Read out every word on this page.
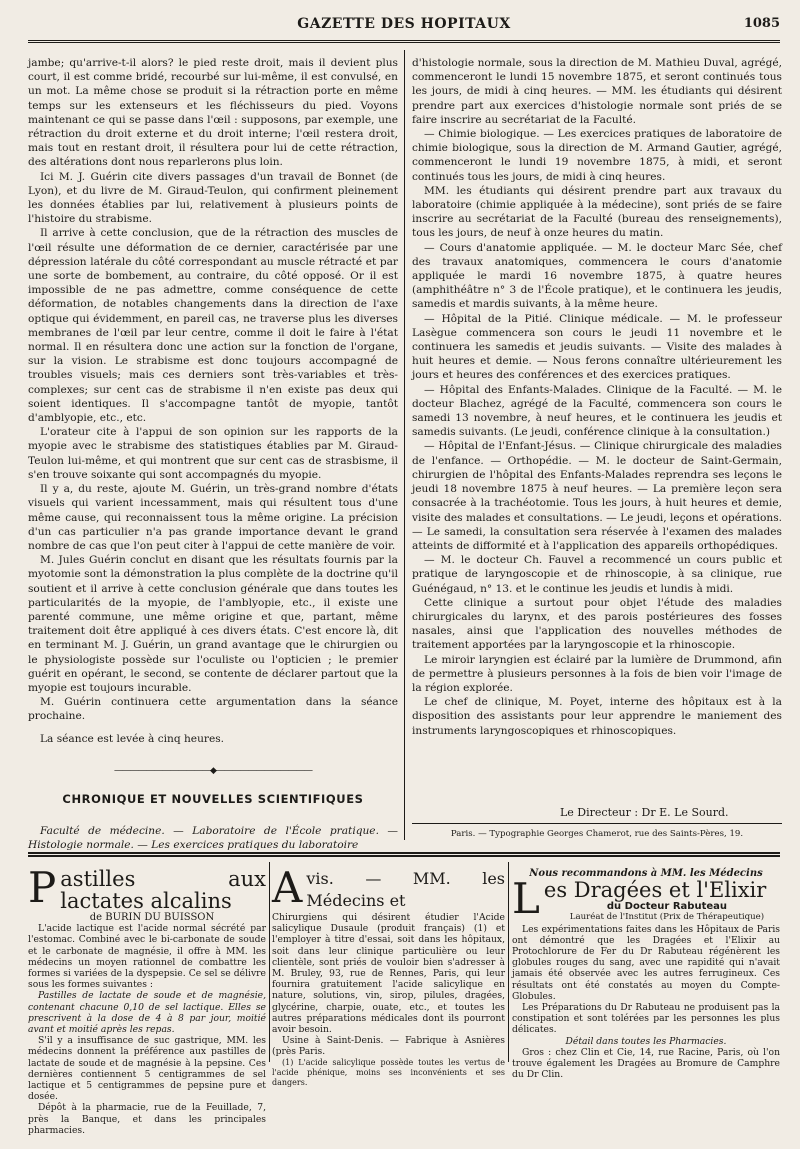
GAZETTE DES HOPITAUX	1085

jambe; qu'arrive-t-il alors? le pied reste droit, mais il devient plus court, il est comme bridé, recourbé sur lui-même, il est convulsé, en un mot. La même chose se produit si la rétraction porte en même temps sur les extenseurs et les fléchisseurs du pied. Voyons maintenant ce qui se passe dans l'œil : supposons, par exemple, une rétraction du droit externe et du droit interne; l'œil restera droit, mais tout en restant droit, il résultera pour lui de cette rétraction, des altérations dont nous reparlerons plus loin.

Ici M. J. Guérin cite divers passages d'un travail de Bonnet (de Lyon), et du livre de M. Giraud-Teulon, qui confirment pleinement les données établies par lui, relativement à plusieurs points de l'histoire du strabisme.

Il arrive à cette conclusion, que de la rétraction des muscles de l'œil résulte une déformation de ce dernier, caractérisée par une dépression latérale du côté correspondant au muscle rétracté et par une sorte de bombement, au contraire, du côté opposé. Or il est impossible de ne pas admettre, comme conséquence de cette déformation, de notables changements dans la direction de l'axe optique qui évidemment, en pareil cas, ne traverse plus les diverses membranes de l'œil par leur centre, comme il doit le faire à l'état normal. Il en résultera donc une action sur la fonction de l'organe, sur la vision. Le strabisme est donc toujours accompagné de troubles visuels; mais ces derniers sont très-variables et très-complexes; sur cent cas de strabisme il n'en existe pas deux qui soient identiques. Il s'accompagne tantôt de myopie, tantôt d'amblyopie, etc., etc.

L'orateur cite à l'appui de son opinion sur les rapports de la myopie avec le strabisme des statistiques établies par M. Giraud-Teulon lui-même, et qui montrent que sur cent cas de strasbisme, il s'en trouve soixante qui sont accompagnés du myopie.

Il y a, du reste, ajoute M. Guérin, un très-grand nombre d'états visuels qui varient incessamment, mais qui résultent tous d'une même cause, qui reconnaissent tous la même origine. La précision d'un cas particulier n'a pas grande importance devant le grand nombre de cas que l'on peut citer à l'appui de cette manière de voir.

M. Jules Guérin conclut en disant que les résultats fournis par la myotomie sont la démonstration la plus complète de la doctrine qu'il soutient et il arrive à cette conclusion générale que dans toutes les particularités de la myopie, de l'amblyopie, etc., il existe une parenté commune, une même origine et que, partant, même traitement doit être appliqué à ces divers états. C'est encore là, dit en terminant M. J. Guérin, un grand avantage que le chirurgien ou le physiologiste possède sur l'oculiste ou l'opticien ; le premier guérit en opérant, le second, se contente de déclarer partout que la myopie est toujours incurable.

M. Guérin continuera cette argumentation dans la séance prochaine.

La séance est levée à cinq heures.

————————————◆————————————
CHRONIQUE ET NOUVELLES SCIENTIFIQUES

Faculté de médecine. — Laboratoire de l'École pratique. — Histologie normale. — Les exercices pratiques du laboratoire

d'histologie normale, sous la direction de M. Mathieu Duval, agrégé, commenceront le lundi 15 novembre 1875, et seront continués tous les jours, de midi à cinq heures. — MM. les étudiants qui désirent prendre part aux exercices d'histologie normale sont priés de se faire inscrire au secrétariat de la Faculté.

— Chimie biologique. — Les exercices pratiques de laboratoire de chimie biologique, sous la direction de M. Armand Gautier, agrégé, commenceront le lundi 19 novembre 1875, à midi, et seront continués tous les jours, de midi à cinq heures.

MM. les étudiants qui désirent prendre part aux travaux du laboratoire (chimie appliquée à la médecine), sont priés de se faire inscrire au secrétariat de la Faculté (bureau des renseignements), tous les jours, de neuf à onze heures du matin.

— Cours d'anatomie appliquée. — M. le docteur Marc Sée, chef des travaux anatomiques, commencera le cours d'anatomie appliquée le mardi 16 novembre 1875, à quatre heures (amphithéâtre n° 3 de l'École pratique), et le continuera les jeudis, samedis et mardis suivants, à la même heure.

— Hôpital de la Pitié. Clinique médicale. — M. le professeur Lasègue commencera son cours le jeudi 11 novembre et le continuera les samedis et jeudis suivants. — Visite des malades à huit heures et demie. — Nous ferons connaître ultérieurement les jours et heures des conférences et des exercices pratiques.

— Hôpital des Enfants-Malades. Clinique de la Faculté. — M. le docteur Blachez, agrégé de la Faculté, commencera son cours le samedi 13 novembre, à neuf heures, et le continuera les jeudis et samedis suivants. (Le jeudi, conférence clinique à la consultation.)

— Hôpital de l'Enfant-Jésus. — Clinique chirurgicale des maladies de l'enfance. — Orthopédie. — M. le docteur de Saint-Germain, chirurgien de l'hôpital des Enfants-Malades reprendra ses leçons le jeudi 18 novembre 1875 à neuf heures. — La première leçon sera consacrée à la trachéotomie. Tous les jours, à huit heures et demie, visite des malades et consultations. — Le jeudi, leçons et opérations. — Le samedi, la consultation sera réservée à l'examen des malades atteints de difformité et à l'application des appareils orthopédiques.

— M. le docteur Ch. Fauvel a recommencé un cours public et pratique de laryngoscopie et de rhinoscopie, à sa clinique, rue Guénégaud, n° 13. et le continue les jeudis et lundis à midi.

Cette clinique a surtout pour objet l'étude des maladies chirurgicales du larynx, et des parois postérieures des fosses nasales, ainsi que l'application des nouvelles méthodes de traitement apportées par la laryngoscopie et la rhinoscopie.

Le miroir laryngien est éclairé par la lumière de Drummond, afin de permettre à plusieurs personnes à la fois de bien voir l'image de la région explorée.

Le chef de clinique, M. Poyet, interne des hôpitaux est à la disposition des assistants pour leur apprendre le maniement des instruments laryngoscopiques et rhinoscopiques.

Le Directeur : Dr E. Le Sourd.
Paris. — Typographie Georges Chamerot, rue des Saints-Pères, 19.
P astilles aux lactates alcalins

de BURIN DU BUISSON

L'acide lactique est l'acide normal sécrété par l'estomac. Combiné avec le bi-carbonate de soude et le carbonate de magnésie, il offre à MM. les médecins un moyen rationnel de combattre les formes si variées de la dyspepsie. Ce sel se délivre sous les formes suivantes :

Pastilles de lactate de soude et de magnésie, contenant chacune 0,10 de sel lactique. Elles se prescrivent à la dose de 4 à 8 par jour, moitié avant et moitié après les repas.

S'il y a insuffisance de suc gastrique, MM. les médecins donnent la préférence aux pastilles de lactate de soude et de magnésie à la pepsine. Ces dernières contiennent 5 centigrammes de sel lactique et 5 centigrammes de pepsine pure et dosée.

Dépôt à la pharmacie, rue de la Feuillade, 7, près la Banque, et dans les principales pharmacies.

A vis. — MM. les Médecins et

Chirurgiens qui désirent étudier l'Acide salicylique Dusaule (produit français) (1) et l'employer à titre d'essai, soit dans les hôpitaux, soit dans leur clinique particulière ou leur clientèle, sont priés de vouloir bien s'adresser à M. Bruley, 93, rue de Rennes, Paris, qui leur fournira gratuitement l'acide salicylique en nature, solutions, vin, sirop, pilules, dragées, glycérine, charpie, ouate, etc., et toutes les autres préparations médicales dont ils pourront avoir besoin.

Usine à Saint-Denis. — Fabrique à Asnières (près Paris.

(1) L'acide salicylique possède toutes les vertus de l'acide phénique, moins ses inconvénients et ses dangers.

Nous recommandons à MM. les Médecins

L es Dragées et l'Elixir

du Docteur Rabuteau

Lauréat de l'Institut (Prix de Thérapeutique)

Les expérimentations faites dans les Hôpitaux de Paris ont démontré que les Dragées et l'Elixir au Protochlorure de Fer du Dr Rabuteau régénèrent les globules rouges du sang, avec une rapidité qui n'avait jamais été observée avec les autres ferrugineux. Ces résultats ont été constatés au moyen du Compte-Globules.

Les Préparations du Dr Rabuteau ne produisent pas la constipation et sont tolérées par les personnes les plus délicates.

Détail dans toutes les Pharmacies.

Gros : chez Clin et Cie, 14, rue Racine, Paris, où l'on trouve également les Dragées au Bromure de Camphre du Dr Clin.
